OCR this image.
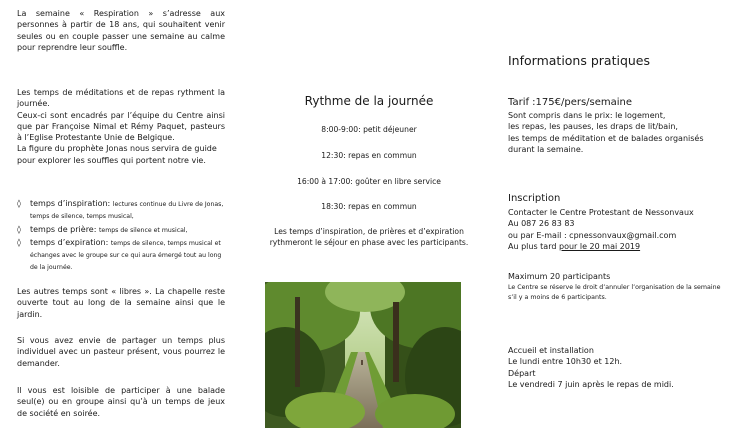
La semaine « Respiration » s’adresse aux personnes à partir de 18 ans, qui souhaitent venir seules ou en couple passer une semaine au calme pour reprendre leur souffle.

Les temps de méditations et de repas rythment la journée.

Ceux-ci sont encadrés par l’équipe du Centre ainsi que par Françoise Nimal et Rémy Paquet, pasteurs à l’Eglise Protestante Unie de Belgique.

La figure du prophète Jonas nous servira de guide pour explorer les souffles qui portent notre vie.

◊ temps d’inspiration: lectures continue du Livre de Jonas, temps de silence, temps musical,
◊ temps de prière: temps de silence et musical,
◊ temps d’expiration: temps de silence, temps musical et échanges avec le groupe sur ce qui aura émergé tout au long de la journée.

Les autres temps sont « libres ». La chapelle reste ouverte tout au long de la semaine ainsi que le jardin.

Si vous avez envie de partager un temps plus individuel avec un pasteur présent, vous pourrez le demander.

Il vous est loisible de participer à une balade seul(e) ou en groupe ainsi qu’à un temps de jeux de société en soirée.

Rythme de la journée

8:00-9:00: petit déjeuner

12:30: repas en commun

16:00 à 17:00: goûter en libre service

18:30: repas en commun

Les temps d’inspiration, de prières et d’expiration rythmeront le séjour en phase avec les participants.

Informations pratiques
Tarif :175€/pers/semaine

Sont compris dans le prix: le logement,

les repas, les pauses, les draps de lit/bain,

les temps de méditation et de balades organisés durant la semaine.

Inscription

Contacter le Centre Protestant de Nessonvaux

Au 087 26 83 83

ou par E-mail : cpnessonvaux@gmail.com

Au plus tard pour le 20 mai 2019

Maximum 20 participants

Le Centre se réserve le droit d’annuler l’organisation de la semaine s’il y a moins de 6 participants.

Accueil et installation

Le lundi entre 10h30 et 12h.

Départ

Le vendredi 7 juin après le repas de midi.
